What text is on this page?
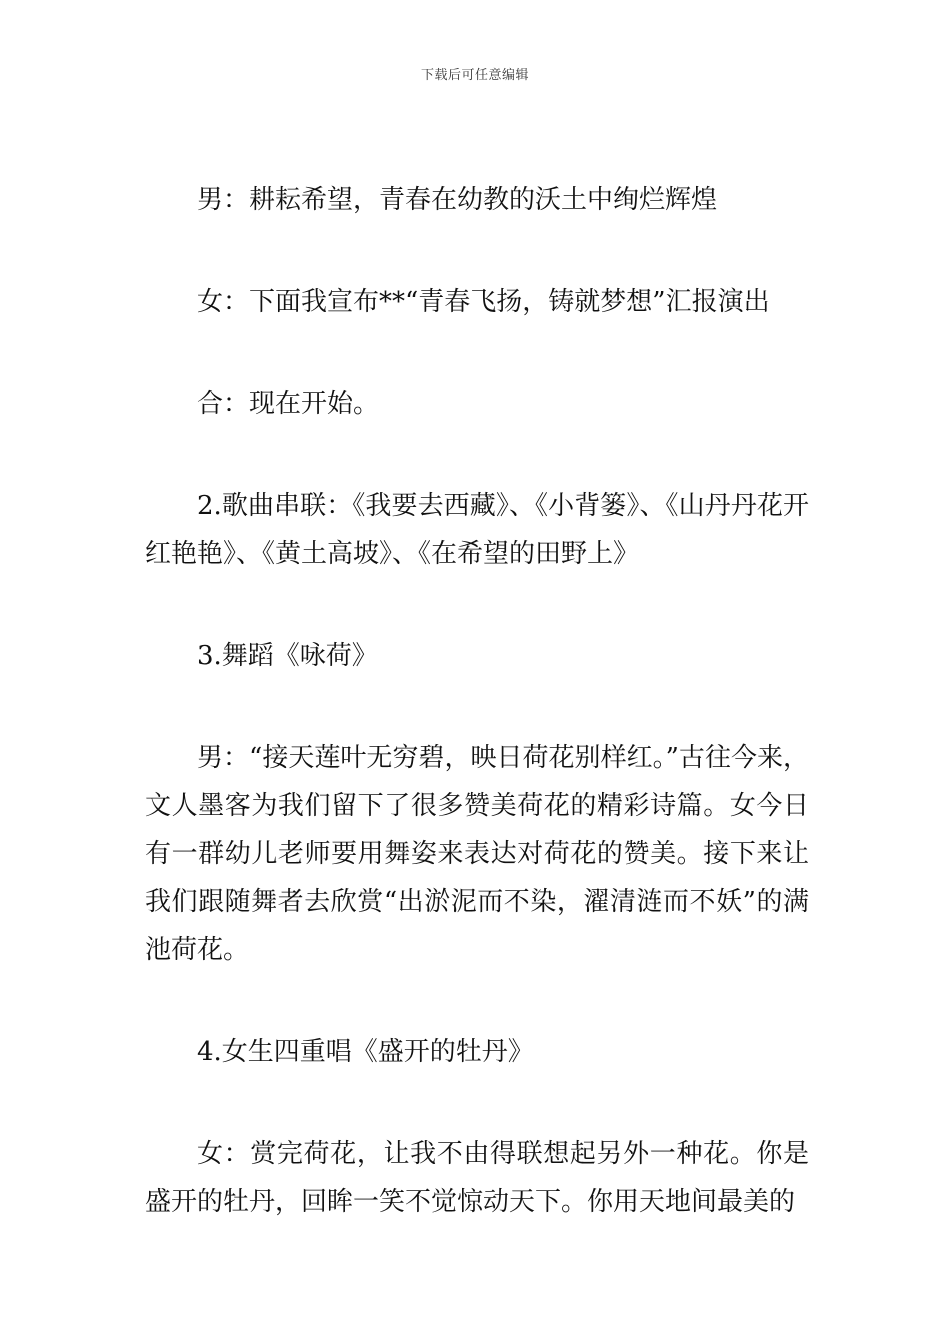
下载后可任意编辑

男：耕耘希望，青春在幼教的沃土中绚烂辉煌

女：下面我宣布**“青春飞扬，铸就梦想”汇报演出

合：现在开始。

2.歌曲串联：《我要去西藏》、《小背篓》、《山丹丹花开红艳艳》、《黄土高坡》、《在希望的田野上》

3.舞蹈《咏荷》

男：“接天莲叶无穷碧，映日荷花别样红。”古往今来，文人墨客为我们留下了很多赞美荷花的精彩诗篇。女今日有一群幼儿老师要用舞姿来表达对荷花的赞美。接下来让我们跟随舞者去欣赏“出淤泥而不染，濯清涟而不妖”的满池荷花。

4.女生四重唱《盛开的牡丹》

女：赏完荷花，让我不由得联想起另外一种花。你是盛开的牡丹，回眸一笑不觉惊动天下。你用天地间最美的
